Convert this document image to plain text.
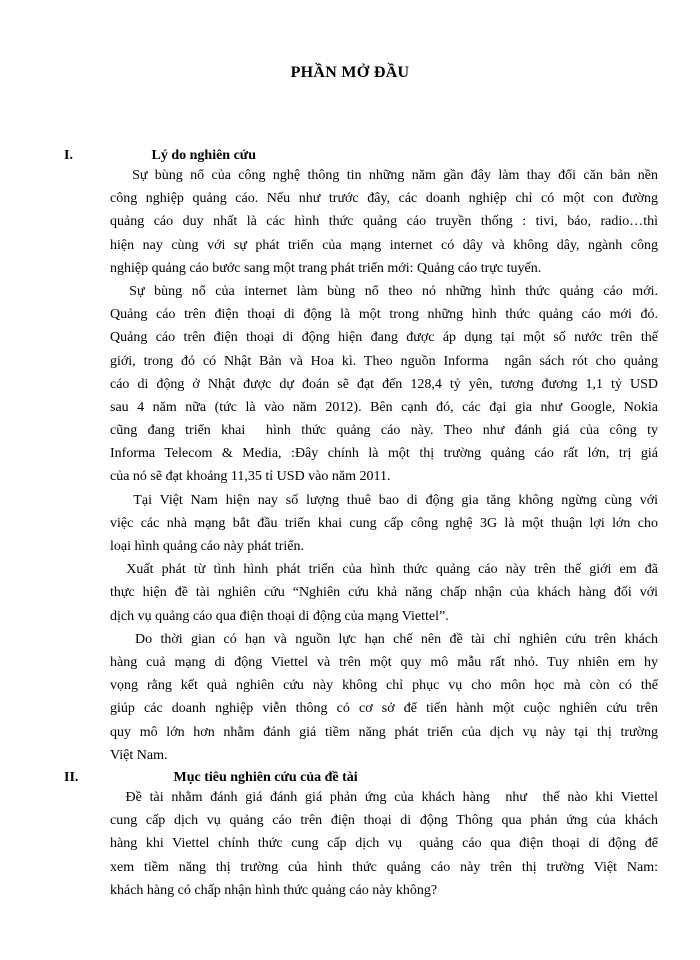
PHẦN MỞ ĐẦU
I.	Lý do nghiên cứu
Sự bùng nổ của công nghệ thông tin những năm gần đây làm thay đổi căn bản nền
công nghiệp quảng cáo. Nếu như trước đây, các doanh nghiệp chỉ có một con đường
quảng cáo duy nhất là các hình thức quảng cáo truyền thống : tivi, báo, radio…thì
hiện nay cùng với sự phát triển của mạng internet có dây và không dây, ngành công
nghiệp quảng cáo bước sang một trang phát triển mới: Quảng cáo trực tuyến.
Sự bùng nổ của internet làm bùng nổ theo nó những hình thức quảng cáo mới.
Quảng cáo trên điện thoại di động là một trong những hình thức quảng cáo mới đó.
Quảng cáo trên điện thoại di động hiện đang được áp dụng tại một số nước trên thế
giới, trong đó có Nhật Bản và Hoa kì. Theo nguồn Informa  ngân sách rót cho quảng
cáo di động ở Nhật được dự đoán sẽ đạt đến 128,4 tỷ yên, tương đương 1,1 tỷ USD
sau 4 năm nữa (tức là vào năm 2012). Bên cạnh đó, các đại gia như Google, Nokia
cũng đang triển khai  hình thức quảng cáo này. Theo như đánh giá của công ty
Informa Telecom & Media, :Đây chính là một thị trường quảng cáo rất lớn, trị giá
của nó sẽ đạt khoảng 11,35 tỉ USD vào năm 2011.
Tại Việt Nam hiện nay số lượng thuê bao di động gia tăng không ngừng cùng với
việc các nhà mạng bắt đầu triển khai cung cấp công nghệ 3G là một thuận lợi lớn cho
loại hình quảng cáo này phát triển.
Xuất phát từ tình hình phát triển của hình thức quảng cáo này trên thế giới em đã
thực hiện đề tài nghiên cứu “Nghiên cứu khả năng chấp nhận của khách hàng đối với
dịch vụ quảng cáo qua điện thoại di động của mạng Viettel”.
Do thời gian có hạn và nguồn lực hạn chế nên đề tài chỉ nghiên cứu trên khách
hàng cuả mạng di động Viettel và trên một quy mô mẫu rất nhỏ. Tuy nhiên em hy
vọng rằng kết quả nghiên cứu này không chỉ phục vụ cho môn học mà còn có thể
giúp các doanh nghiệp viễn thông có cơ sở để tiến hành một cuộc nghiên cứu trên
quy mô lớn hơn nhằm đánh giá tiềm năng phát triển của dịch vụ này tại thị trường
Việt Nam.
II.	Mục tiêu nghiên cứu của đề tài
Đề tài nhằm đánh giá đánh giá phản ứng của khách hàng  như  thế nào khi Viettel
cung cấp dịch vụ quảng cáo trên điện thoại di động Thông qua phản ứng của khách
hàng khi Viettel chính thức cung cấp dịch vụ  quảng cáo qua điện thoại di động để
xem tiềm năng thị trường của hình thức quảng cáo này trên thị trường Việt Nam:
khách hàng có chấp nhận hình thức quảng cáo này không?
